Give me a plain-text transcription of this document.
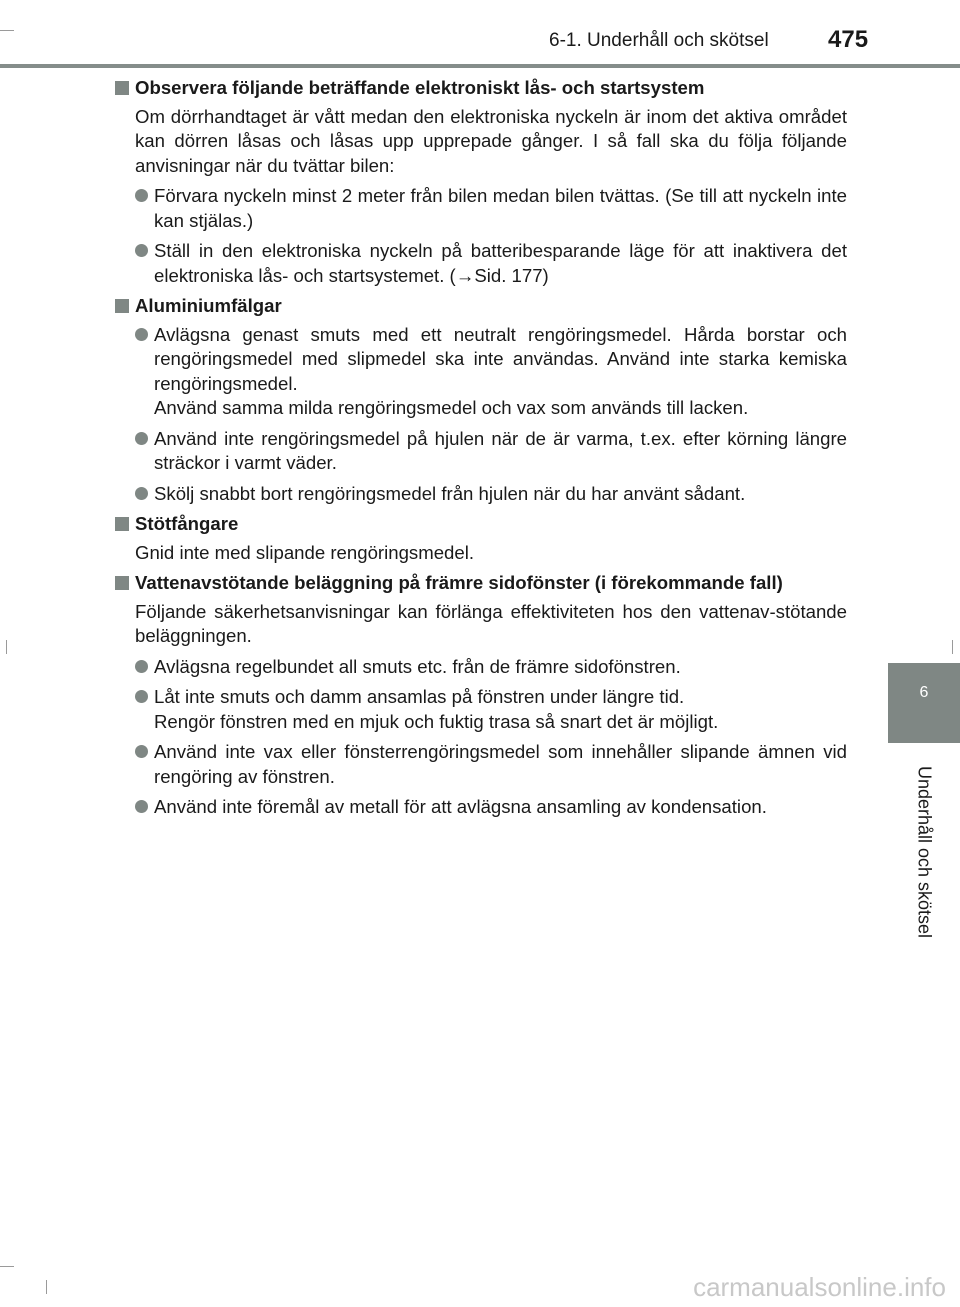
6-1. Underhåll och skötsel 475
6
Underhåll och skötsel
Observera följande beträffande elektroniskt lås- och startsystem
Om dörrhandtaget är vått medan den elektroniska nyckeln är inom det aktiva området kan dörren låsas och låsas upp upprepade gånger. I så fall ska du följa följande anvisningar när du tvättar bilen:
Förvara nyckeln minst 2 meter från bilen medan bilen tvättas. (Se till att nyckeln inte kan stjälas.)
Ställ in den elektroniska nyckeln på batteribesparande läge för att inaktivera det elektroniska lås- och startsystemet. (→Sid. 177)
Aluminiumfälgar
Avlägsna genast smuts med ett neutralt rengöringsmedel. Hårda borstar och rengöringsmedel med slipmedel ska inte användas. Använd inte starka kemiska rengöringsmedel.
Använd samma milda rengöringsmedel och vax som används till lacken.
Använd inte rengöringsmedel på hjulen när de är varma, t.ex. efter körning längre sträckor i varmt väder.
Skölj snabbt bort rengöringsmedel från hjulen när du har använt sådant.
Stötfångare
Gnid inte med slipande rengöringsmedel.
Vattenavstötande beläggning på främre sidofönster (i förekommande fall)
Följande säkerhetsanvisningar kan förlänga effektiviteten hos den vattenav-stötande beläggningen.
Avlägsna regelbundet all smuts etc. från de främre sidofönstren.
Låt inte smuts och damm ansamlas på fönstren under längre tid.
Rengör fönstren med en mjuk och fuktig trasa så snart det är möjligt.
Använd inte vax eller fönsterrengöringsmedel som innehåller slipande ämnen vid rengöring av fönstren.
Använd inte föremål av metall för att avlägsna ansamling av kondensation.
carmanualsonline.info
